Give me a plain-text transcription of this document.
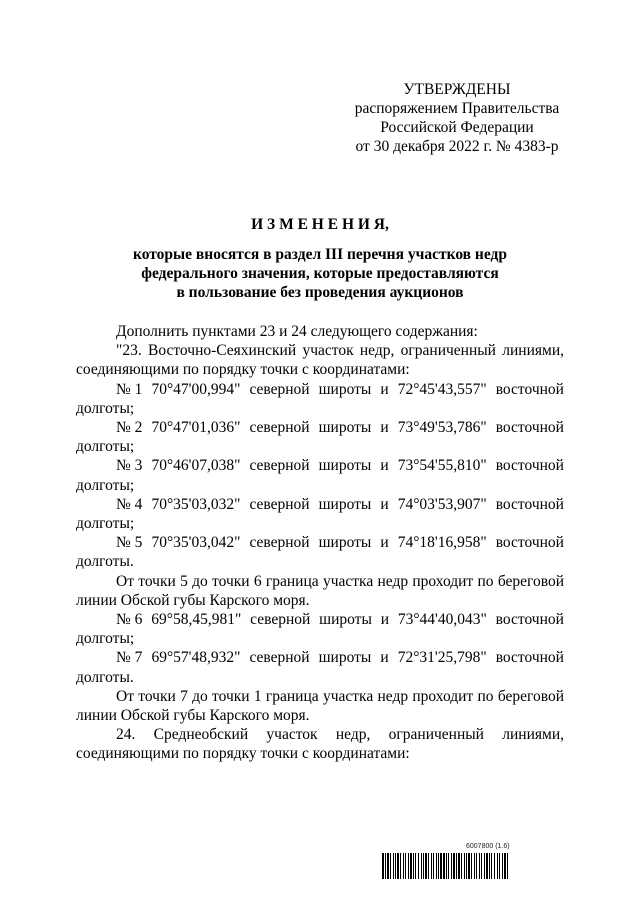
УТВЕРЖДЕНЫ
распоряжением Правительства
Российской Федерации
от 30 декабря 2022 г. № 4383-р
И З М Е Н Е Н И Я,
которые вносятся в раздел III перечня участков недр
федерального значения, которые предоставляются
в пользование без проведения аукционов

Дополнить пунктами 23 и 24 следующего содержания:

"23. Восточно-Сеяхинский участок недр, ограниченный линиями, соединяющими по порядку точки с координатами:

№ 1 70°47'00,994" северной широты и 72°45'43,557" восточной
долготы;
№ 2 70°47'01,036" северной широты и 73°49'53,786" восточной
долготы;
№ 3 70°46'07,038" северной широты и 73°54'55,810" восточной
долготы;
№ 4 70°35'03,032" северной широты и 74°03'53,907" восточной
долготы;
№ 5 70°35'03,042" северной широты и 74°18'16,958" восточной
долготы.

От точки 5 до точки 6 граница участка недр проходит по береговой линии Обской губы Карского моря.

№ 6 69°58,45,981" северной широты и 73°44'40,043" восточной
долготы;
№ 7 69°57'48,932" северной широты и 72°31'25,798" восточной
долготы.

От точки 7 до точки 1 граница участка недр проходит по береговой линии Обской губы Карского моря.

24. Среднеобский участок недр, ограниченный линиями, соединяющими по порядку точки с координатами:

6007800 (1.6)
